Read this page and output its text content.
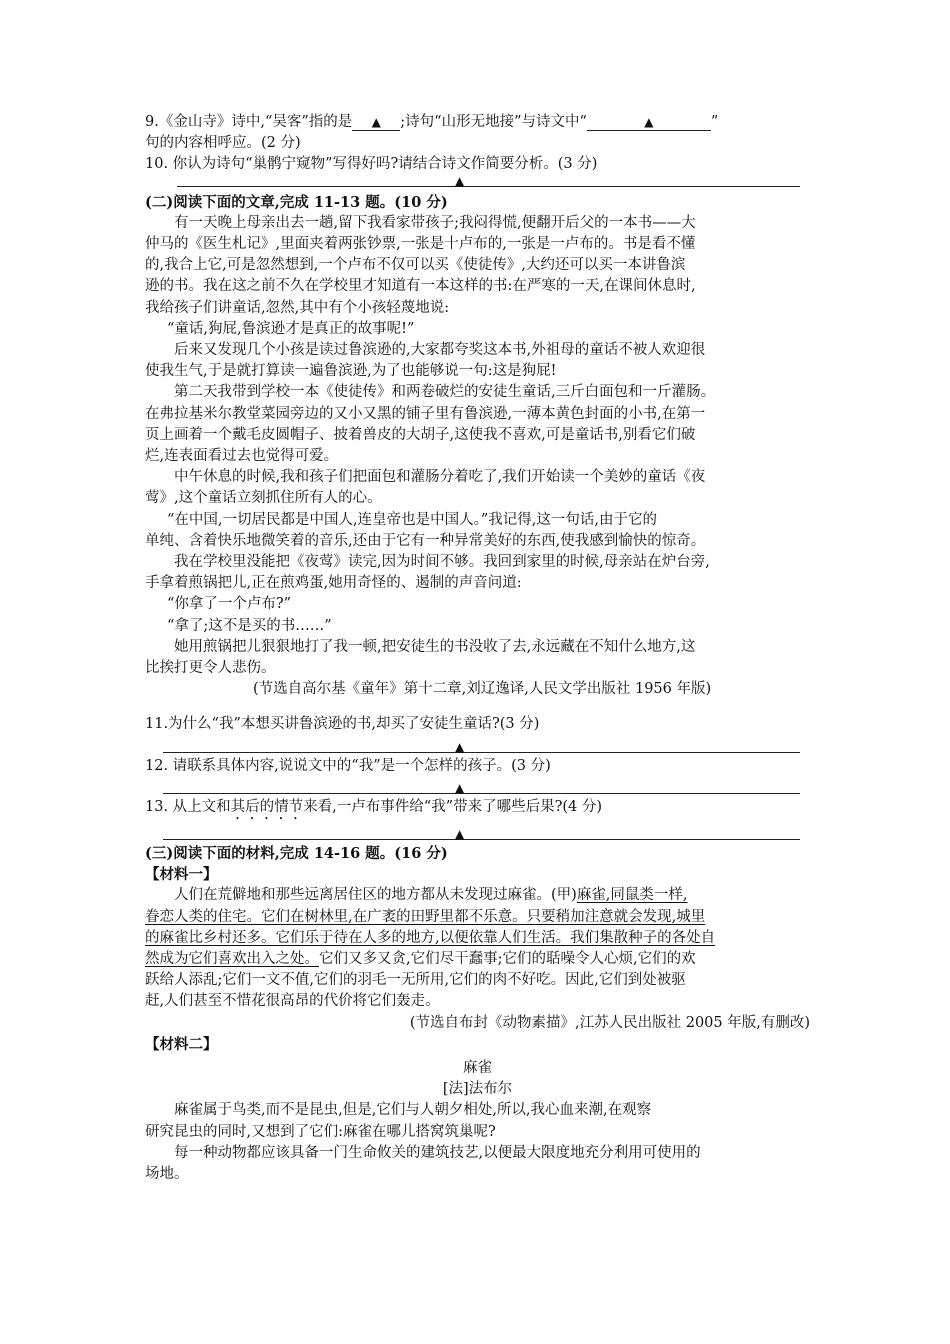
9.《金山寺》诗中,“吴客”指的是 ▲ ;诗句“山形无地接”与诗文中“	▲	”

句的内容相呼应。(2 分)

10. 你认为诗句“巢鹘宁窥物”写得好吗?请结合诗文作简要分析。(3 分)

▲

(二)阅读下面的文章,完成 11-13 题。(10 分)

有一天晚上母亲出去一趟,留下我看家带孩子;我闷得慌,便翻开后父的一本书——大

仲马的《医生札记》,里面夹着两张钞票,一张是十卢布的,一张是一卢布的。书是看不懂

的,我合上它,可是忽然想到,一个卢布不仅可以买《使徒传》,大约还可以买一本讲鲁滨

逊的书。我在这之前不久在学校里才知道有一本这样的书:在严寒的一天,在课间休息时,

我给孩子们讲童话,忽然,其中有个小孩轻蔑地说:

“童话,狗屁,鲁滨逊才是真正的故事呢!”

后来又发现几个小孩是读过鲁滨逊的,大家都夸奖这本书,外祖母的童话不被人欢迎很

使我生气,于是就打算读一遍鲁滨逊,为了也能够说一句:这是狗屁!

第二天我带到学校一本《使徒传》和两卷破烂的安徒生童话,三斤白面包和一斤灌肠。

在弗拉基米尔教堂菜园旁边的又小又黑的铺子里有鲁滨逊,一薄本黄色封面的小书,在第一

页上画着一个戴毛皮圆帽子、披着兽皮的大胡子,这使我不喜欢,可是童话书,别看它们破

烂,连表面看过去也觉得可爱。

中午休息的时候,我和孩子们把面包和灌肠分着吃了,我们开始读一个美妙的童话《夜

莺》,这个童话立刻抓住所有人的心。

“在中国,一切居民都是中国人,连皇帝也是中国人。”我记得,这一句话,由于它的

单纯、含着快乐地微笑着的音乐,还由于它有一种异常美好的东西,使我感到愉快的惊奇。

我在学校里没能把《夜莺》读完,因为时间不够。我回到家里的时候,母亲站在炉台旁,

手拿着煎锅把儿,正在煎鸡蛋,她用奇怪的、遏制的声音问道:

“你拿了一个卢布?”

“拿了;这不是买的书……”

她用煎锅把儿狠狠地打了我一顿,把安徒生的书没收了去,永远藏在不知什么地方,这

比挨打更令人悲伤。

(节选自高尔基《童年》第十二章,刘辽逸译,人民文学出版社 1956 年版)

11.为什么“我”本想买讲鲁滨逊的书,却买了安徒生童话?(3 分)

▲

12. 请联系具体内容,说说文中的“我”是一个怎样的孩子。(3 分)

▲

13. 从上文和其后的情节来看,一卢布事件给“我”带来了哪些后果?(4 分)

▲

(三)阅读下面的材料,完成 14-16 题。(16 分)

【材料一】

人们在荒僻地和那些远离居住区的地方都从未发现过麻雀。(甲)麻雀,同鼠类一样,

眷恋人类的住宅。它们在树林里,在广袤的田野里都不乐意。只要稍加注意就会发现,城里

的麻雀比乡村还多。它们乐于待在人多的地方,以便依靠人们生活。我们集散种子的各处自

然成为它们喜欢出入之处。它们又多又贪,它们尽干蠢事;它们的聒噪令人心烦,它们的欢

跃给人添乱;它们一文不值,它们的羽毛一无所用,它们的肉不好吃。因此,它们到处被驱

赶,人们甚至不惜花很高昂的代价将它们轰走。

(节选自布封《动物素描》,江苏人民出版社 2005 年版,有删改)

【材料二】

麻雀

[法]法布尔

麻雀属于鸟类,而不是昆虫,但是,它们与人朝夕相处,所以,我心血来潮,在观察

研究昆虫的同时,又想到了它们:麻雀在哪儿搭窝筑巢呢?

每一种动物都应该具备一门生命攸关的建筑技艺,以便最大限度地充分利用可使用的

场地。
